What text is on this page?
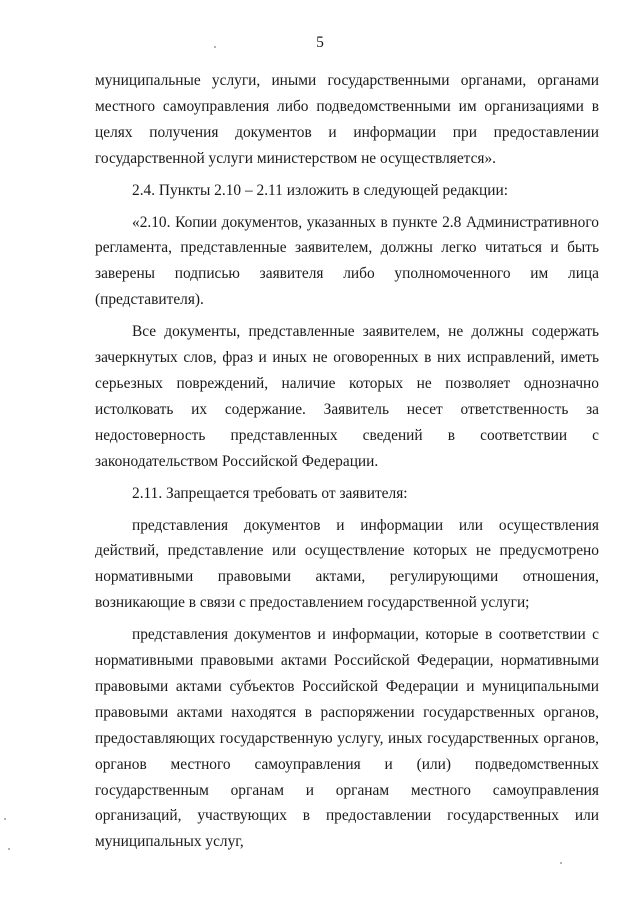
5

муниципальные услуги, иными государственными органами, органами местного самоуправления либо подведомственными им организациями в целях получения документов и информации при предоставлении государственной услуги министерством не осуществляется».

2.4. Пункты 2.10 – 2.11 изложить в следующей редакции:

«2.10. Копии документов, указанных в пункте 2.8 Административного регламента, представленные заявителем, должны легко читаться и быть заверены подписью заявителя либо уполномоченного им лица (представителя).

Все документы, представленные заявителем, не должны содержать зачеркнутых слов, фраз и иных не оговоренных в них исправлений, иметь серьезных повреждений, наличие которых не позволяет однозначно истолковать их содержание. Заявитель несет ответственность за недостоверность представленных сведений в соответствии с законодательством Российской Федерации.

2.11. Запрещается требовать от заявителя:

представления документов и информации или осуществления действий, представление или осуществление которых не предусмотрено нормативными правовыми актами, регулирующими отношения, возникающие в связи с предоставлением государственной услуги;

представления документов и информации, которые в соответствии с нормативными правовыми актами Российской Федерации, нормативными правовыми актами субъектов Российской Федерации и муниципальными правовыми актами находятся в распоряжении государственных органов, предоставляющих государственную услугу, иных государственных органов, органов местного самоуправления и (или) подведомственных государственным органам и органам местного самоуправления организаций, участвующих в предоставлении государственных или муниципальных услуг,
